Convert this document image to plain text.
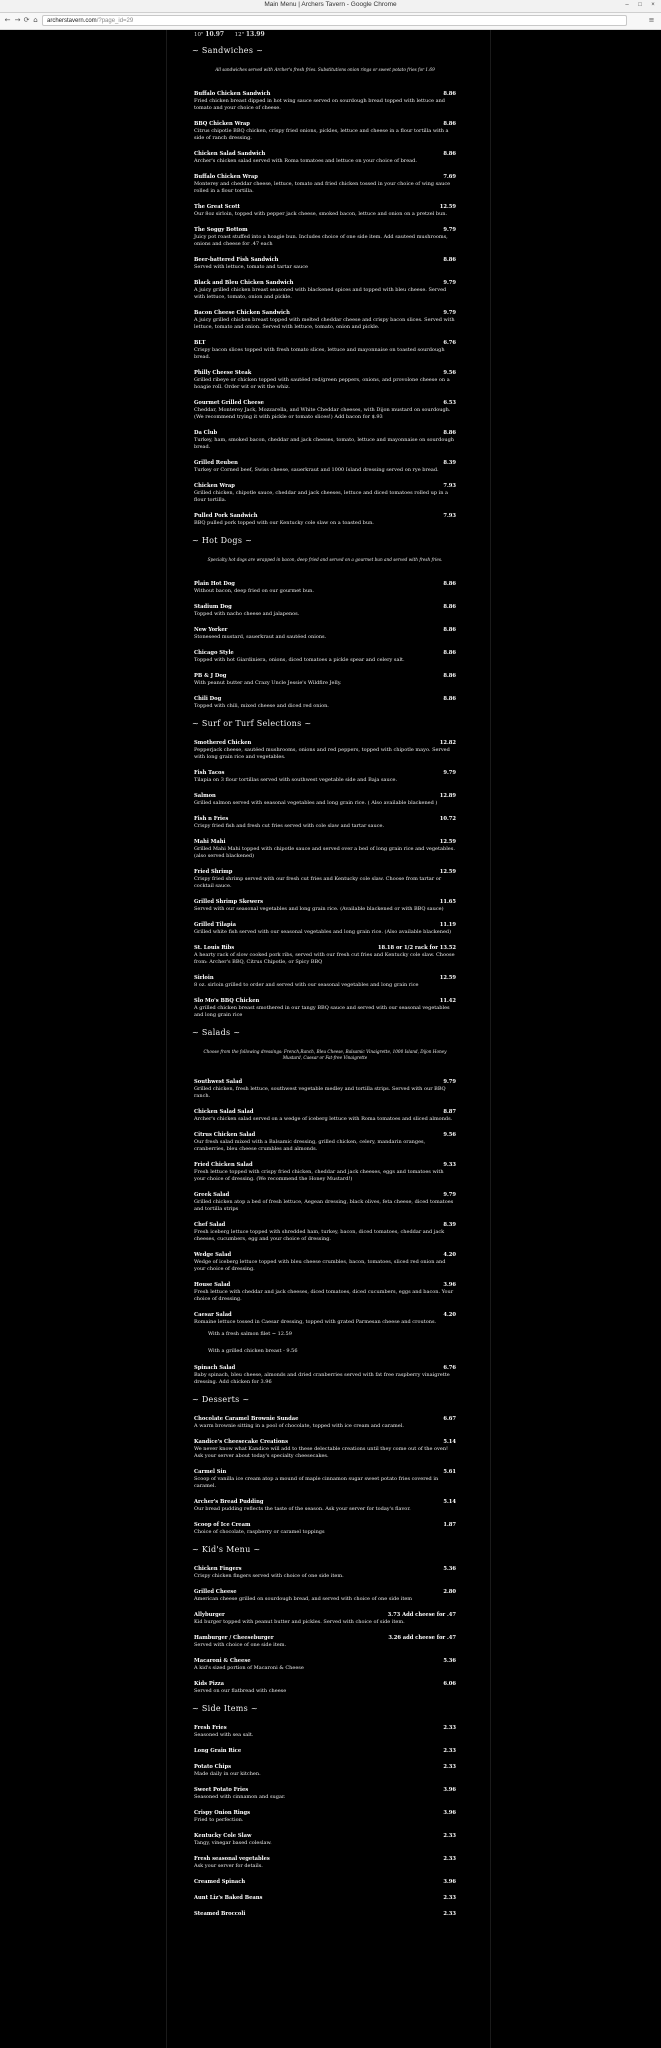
Main Menu | Archers Tavern - Google Chrome	–	□	×
← → ⟳ ⌂	archerstavern.com/?page_id=29	≡
10" 10.97 12" 13.99
~ Sandwiches ~
All sandwiches served with Archer's fresh fries. Substitutions onion rings or sweet potato fries for 1.69
Buffalo Chicken Sandwich	8.86
Fried chicken breast dipped in hot wing sauce served on sourdough bread topped with lettuce and tomato and your choice of cheese.
BBQ Chicken Wrap	8.86
Citrus chipotle BBQ chicken, crispy fried onions, pickles, lettuce and cheese in a flour tortilla with a side of ranch dressing.
Chicken Salad Sandwich	8.86
Archer's chicken salad served with Roma tomatoes and lettuce on your choice of bread.
Buffalo Chicken Wrap	7.69
Monterey and cheddar cheese, lettuce, tomato and fried chicken tossed in your choice of wing sauce rolled in a flour tortilla.
The Great Scott	12.59
Our 8oz sirloin, topped with pepper jack cheese, smoked bacon, lettuce and onion on a pretzel bun.
The Soggy Bottom	9.79
Juicy pot roast stuffed into a hoagie bun. Includes choice of one side item. Add sauteed mushrooms, onions and cheese for .47 each
Beer-battered Fish Sandwich	8.86
Served with lettuce, tomato and tartar sauce
Black and Bleu Chicken Sandwich	9.79
A juicy grilled chicken breast seasoned with blackened spices and topped with bleu cheese. Served with lettuce, tomato, onion and pickle.
Bacon Cheese Chicken Sandwich	9.79
A juicy grilled chicken breast topped with melted cheddar cheese and crispy bacon slices. Served with lettuce, tomato and onion. Served with lettuce, tomato, onion and pickle.
BLT	6.76
Crispy bacon slices topped with fresh tomato slices, lettuce and mayonnaise on toasted sourdough bread.
Philly Cheese Steak	9.56
Grilled ribeye or chicken topped with sautéed red/green peppers, onions, and provolone cheese on a hoagie roll. Order wit or wit the whiz.
Gourmet Grilled Cheese	6.53
Cheddar, Monterey Jack, Mozzarella, and White Cheddar cheeses, with Dijon mustard on sourdough. (We recommend trying it with pickle or tomato slices!) Add bacon for $.93
Da Club	8.86
Turkey, ham, smoked bacon, cheddar and jack cheeses, tomato, lettuce and mayonnaise on sourdough bread.
Grilled Reuben	8.39
Turkey or Corned beef, Swiss cheese, sauerkraut and 1000 Island dressing served on rye bread.
Chicken Wrap	7.93
Grilled chicken, chipotle sauce, cheddar and jack cheeses, lettuce and diced tomatoes rolled up in a flour tortilla.
Pulled Pork Sandwich	7.93
BBQ pulled pork topped with our Kentucky cole slaw on a toasted bun.
~ Hot Dogs ~
Specialty hot dogs are wrapped in bacon, deep fried and served on a gourmet bun and served with fresh fries.
Plain Hot Dog	8.86
Without bacon, deep fried on our gourmet bun.
Stadium Dog	8.86
Topped with nacho cheese and jalapenos.
New Yorker	8.86
Stoneseed mustard, sauerkraut and sautéed onions.
Chicago Style	8.86
Topped with hot Giardiniera, onions, diced tomatoes a pickle spear and celery salt.
PB & J Dog	8.86
With peanut butter and Crazy Uncle Jessie's Wildfire Jelly.
Chili Dog	8.86
Topped with chili, mixed cheese and diced red onion.
~ Surf or Turf Selections ~
Smothered Chicken	12.82
Pepperjack cheese, sautéed mushrooms, onions and red peppers, topped with chipotle mayo. Served with long grain rice and vegetables.
Fish Tacos	9.79
Tilapia on 3 flour tortillas served with southwest vegetable side and Baja sauce.
Salmon	12.89
Grilled salmon served with seasonal vegetables and long grain rice. ( Also available blackened )
Fish n Fries	10.72
Crispy fried fish and fresh cut fries served with cole slaw and tartar sauce.
Mahi Mahi	12.59
Grilled Mahi Mahi topped with chipotle sauce and served over a bed of long grain rice and vegetables. (also served blackened)
Fried Shrimp	12.59
Crispy fried shrimp served with our fresh cut fries and Kentucky cole slaw. Choose from tartar or cocktail sauce.
Grilled Shrimp Skewers	11.65
Served with our seasonal vegetables and long grain rice. (Available blackened or with BBQ sauce)
Grilled Tilapia	11.19
Grilled white fish served with our seasonal vegetables and long grain rice. (Also available blackened)
St. Louis Ribs	18.18 or 1/2 rack for 13.52
A hearty rack of slow cooked pork ribs, served with our fresh cut fries and Kentucky cole slaw. Choose from: Archer's BBQ, Citrus Chipotle, or Spicy BBQ
Sirloin	12.59
8 oz. sirloin grilled to order and served with our seasonal vegetables and long grain rice
Slo Mo's BBQ Chicken	11.42
A grilled chicken breast smothered in our tangy BBQ sauce and served with our seasonal vegetables and long grain rice
~ Salads ~
Choose from the following dressings: French,Ranch, Bleu Cheese, Balsamic Vinaigrette, 1000 Island, Dijon Honey Mustard, Caesar or Fat-free Vinaigrette
Southwest Salad	9.79
Grilled chicken, fresh lettuce, southwest vegetable medley and tortilla strips. Served with our BBQ ranch.
Chicken Salad Salad	8.87
Archer's chicken salad served on a wedge of iceberg lettuce with Roma tomatoes and sliced almonds.
Citrus Chicken Salad	9.56
Our fresh salad mixed with a Balsamic dressing, grilled chicken, celery, mandarin oranges, cranberries, bleu cheese crumbles and almonds.
Fried Chicken Salad	9.33
Fresh lettuce topped with crispy fried chicken, cheddar and jack cheeses, eggs and tomatoes with your choice of dressing. (We recommend the Honey Mustard!)
Greek Salad	9.79
Grilled chicken atop a bed of fresh lettuce, Aegean dressing, black olives, feta cheese, diced tomatoes and tortilla strips
Chef Salad	8.39
Fresh iceberg lettuce topped with shredded ham, turkey, bacon, diced tomatoes, cheddar and jack cheeses, cucumbers, egg and your choice of dressing.
Wedge Salad	4.20
Wedge of iceberg lettuce topped with bleu cheese crumbles, bacon, tomatoes, sliced red onion and your choice of dressing.
House Salad	3.96
Fresh lettuce with cheddar and jack cheeses, diced tomatoes, diced cucumbers, eggs and bacon. Your choice of dressing.
Caesar Salad	4.20
Romaine lettuce tossed in Caesar dressing, topped with grated Parmesan cheese and croutons.
With a fresh salmon filet ~ 12.59
With a grilled chicken breast - 9.56
Spinach Salad	6.76
Baby spinach, bleu cheese, almonds and dried cranberries served with fat free raspberry vinaigrette dressing. Add chicken for 3.96
~ Desserts ~
Chocolate Caramel Brownie Sundae	6.67
A warm brownie sitting in a pool of chocolate, topped with ice cream and caramel.
Kandice's Cheesecake Creations	5.14
We never know what Kandice will add to these delectable creations until they come out of the oven! Ask your server about today's specialty cheesecakes.
Carmel Sin	5.61
Scoop of vanilla ice cream atop a mound of maple cinnamon sugar sweet potato fries covered in caramel.
Archer's Bread Pudding	5.14
Our bread pudding reflects the taste of the season. Ask your server for today's flavor.
Scoop of Ice Cream	1.87
Choice of chocolate, raspberry or caramel toppings
~ Kid's Menu ~
Chicken Fingers	5.36
Crispy chicken fingers served with choice of one side item.
Grilled Cheese	2.80
American cheese grilled on sourdough bread, and served with choice of one side item
Allyburger	3.73 Add cheese for .47
Kid burger topped with peanut butter and pickles. Served with choice of side item.
Hamburger / Cheeseburger	3.26 add cheese for .47
Served with choice of one side item.
Macaroni & Cheese	5.36
A kid's sized portion of Macaroni & Cheese
Kids Pizza	6.06
Served on our flatbread with cheese
~ Side Items ~
Fresh Fries	2.33
Seasoned with sea salt.
Long Grain Rice	2.33
Potato Chips	2.33
Made daily in our kitchen.
Sweet Potato Fries	3.96
Seasoned with cinnamon and sugar.
Crispy Onion Rings	3.96
Fried to perfection.
Kentucky Cole Slaw	2.33
Tangy, vinegar based coleslaw.
Fresh seasonal vegetables	2.33
Ask your server for details.
Creamed Spinach	3.96
Aunt Liz's Baked Beans	2.33
Steamed Broccoli	2.33
